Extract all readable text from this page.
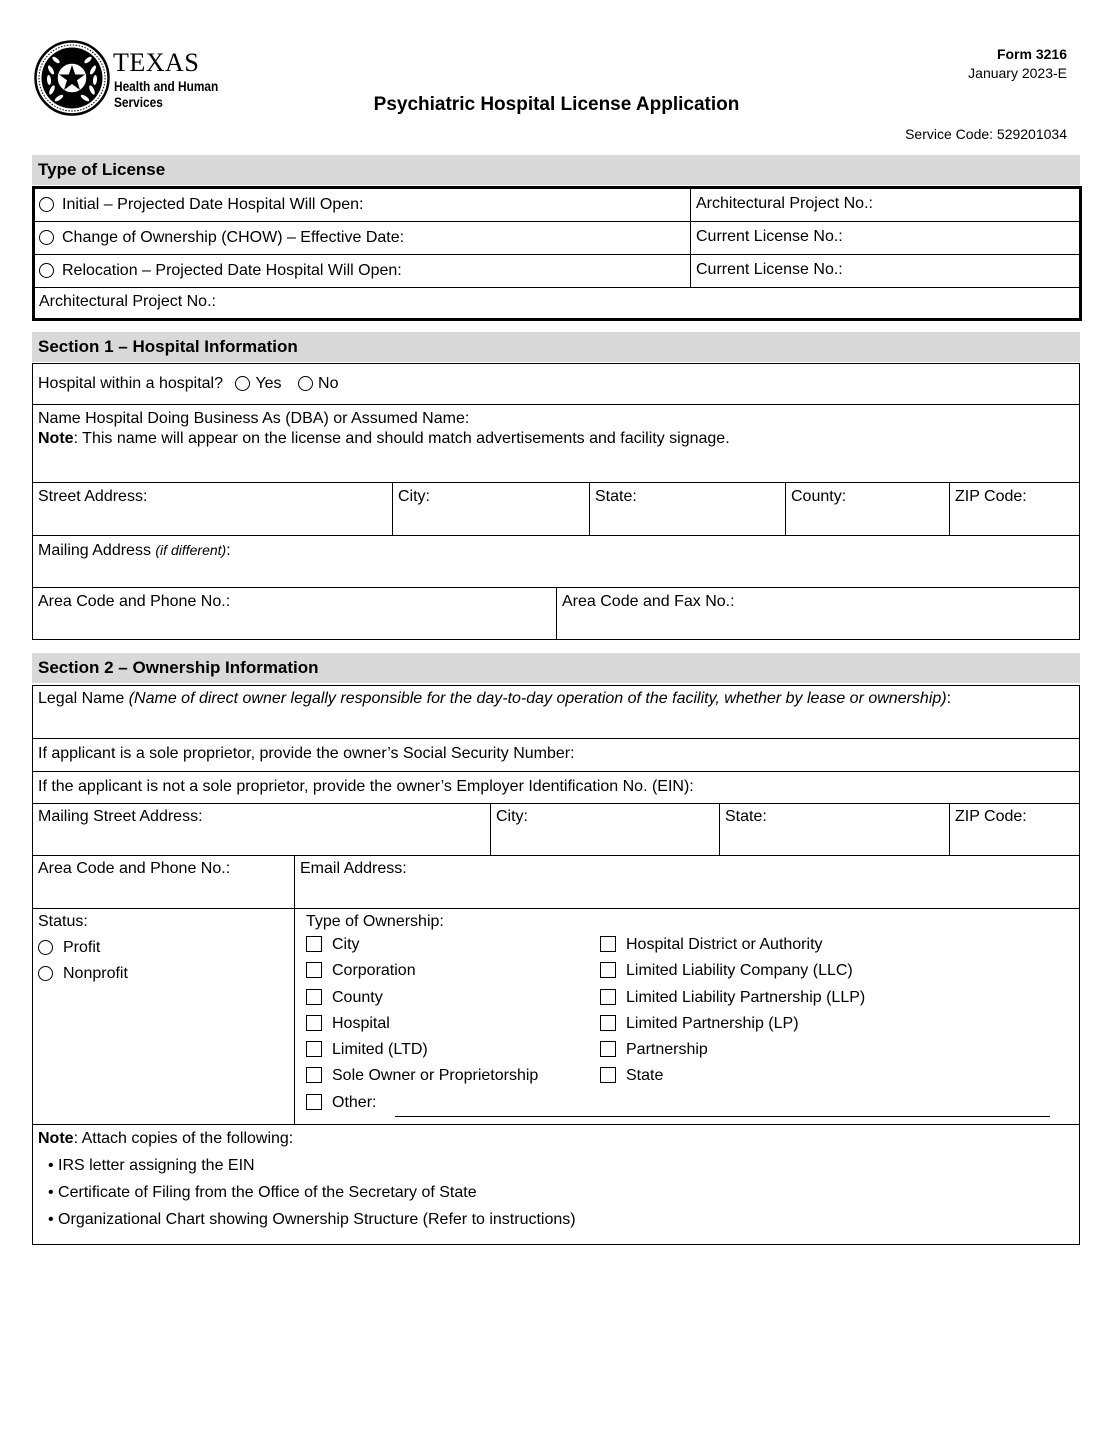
TEXAS
Health and Human
Services
Form 3216
January 2023-E
Psychiatric Hospital License Application
Service Code: 529201034
Type of License
Initial – Projected Date Hospital Will Open:	Architectural Project No.:
Change of Ownership (CHOW) – Effective Date:	Current License No.:
Relocation – Projected Date Hospital Will Open:	Current License No.:
Architectural Project No.:
Section 1 – Hospital Information
Hospital within a hospital? Yes No
Name Hospital Doing Business As (DBA) or Assumed Name:
Note: This name will appear on the license and should match advertisements and facility signage.
Street Address:	City:	State:	County:	ZIP Code:
Mailing Address (if different):
Area Code and Phone No.:	Area Code and Fax No.:
Section 2 – Ownership Information
Legal Name (Name of direct owner legally responsible for the day-to-day operation of the facility, whether by lease or ownership):
If applicant is a sole proprietor, provide the owner’s Social Security Number:
If the applicant is not a sole proprietor, provide the owner’s Employer Identification No. (EIN):
Mailing Street Address:	City:	State:	ZIP Code:
Area Code and Phone No.:	Email Address:
Status:
Profit
Nonprofit
Type of Ownership:
City
Corporation
County
Hospital
Limited (LTD)
Sole Owner or Proprietorship
Other:
Hospital District or Authority
Limited Liability Company (LLC)
Limited Liability Partnership (LLP)
Limited Partnership (LP)
Partnership
State
Note: Attach copies of the following:
• IRS letter assigning the EIN
• Certificate of Filing from the Office of the Secretary of State
• Organizational Chart showing Ownership Structure (Refer to instructions)
